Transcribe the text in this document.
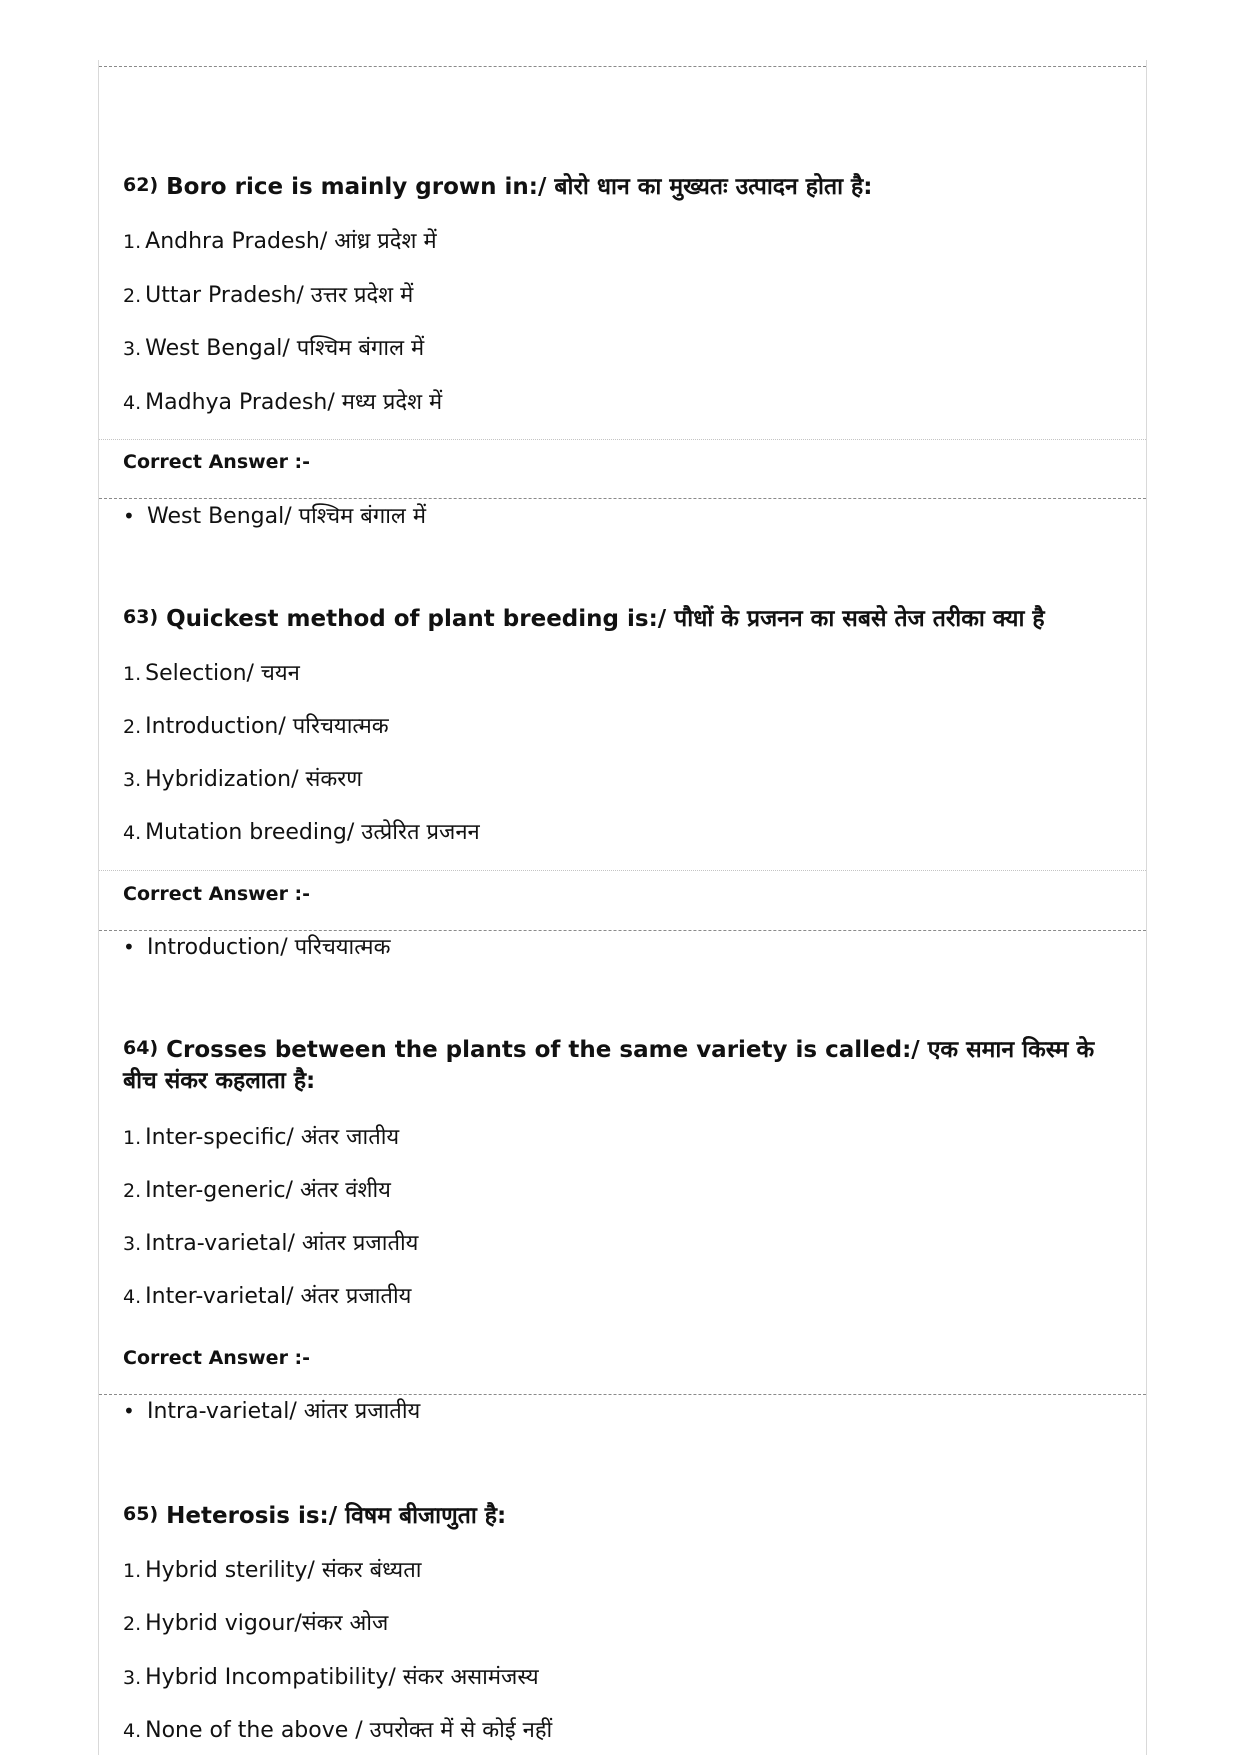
62) Boro rice is mainly grown in:/ बोरो धान का मुख्यतः उत्पादन होता है:
1. Andhra Pradesh/ आंध्र प्रदेश में
2. Uttar Pradesh/ उत्तर प्रदेश में
3. West Bengal/ पश्चिम बंगाल में
4. Madhya Pradesh/ मध्य प्रदेश में
Correct Answer :-
• West Bengal/ पश्चिम बंगाल में
63) Quickest method of plant breeding is:/ पौधों के प्रजनन का सबसे तेज तरीका क्या है
1. Selection/ चयन
2. Introduction/ परिचयात्मक
3. Hybridization/ संकरण
4. Mutation breeding/ उत्प्रेरित प्रजनन
Correct Answer :-
• Introduction/ परिचयात्मक
64) Crosses between the plants of the same variety is called:/ एक समान किस्म के बीच संकर कहलाता है:
1. Inter-specific/ अंतर जातीय
2. Inter-generic/ अंतर वंशीय
3. Intra-varietal/ आंतर प्रजातीय
4. Inter-varietal/ अंतर प्रजातीय
Correct Answer :-
• Intra-varietal/ आंतर प्रजातीय
65) Heterosis is:/ विषम बीजाणुता है:
1. Hybrid sterility/ संकर बंध्यता
2. Hybrid vigour/संकर ओज
3. Hybrid Incompatibility/ संकर असामंजस्य
4. None of the above / उपरोक्त में से कोई नहीं
